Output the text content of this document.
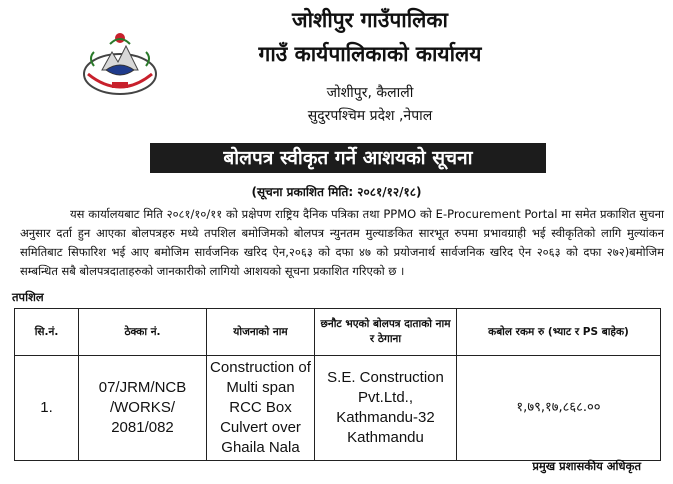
जोशीपुर गाउँपालिका
गाउँ कार्यपालिकाको कार्यालय
जोशीपुर, कैलाली
सुदुरपश्चिम प्रदेश ,नेपाल
बोलपत्र स्वीकृत गर्ने आशयको सूचना
(सूचना प्रकाशित मिति: २०८१/१२/१८)

यस कार्यालयबाट मिति २०८१/१०/११ को प्रक्षेपण राष्ट्रिय दैनिक पत्रिका तथा PPMO को E-Procurement Portal मा समेत प्रकाशित सुचना अनुसार दर्ता हुन आएका बोलपत्रहरु मध्ये तपशिल बमोजिमको बोलपत्र न्युनतम मुल्याङकित सारभूत रुपमा प्रभावग्राही भई स्वीकृतिको लागि मुल्यांकन समितिबाट सिफारिश भई आए बमोजिम सार्वजनिक खरिद ऐन,२०६३ को दफा ४७ को प्रयोजनार्थ सार्वजनिक खरिद ऐन २०६३ को दफा २७२)बमोजिम सम्बन्धित सबै बोलपत्रदाताहरुको जानकारीको लागियो आशयको सूचना प्रकाशित गरिएको छ ।

तपशिल
सि.नं.	ठेक्का नं.	योजनाको नाम	छनौट भएको बोलपत्र दाताको नाम र ठेगाना	कबोल रकम रु (भ्याट र PS बाहेक)
1.	07/JRM/NCB /WORKS/ 2081/082	Construction of Multi span RCC Box Culvert over Ghaila Nala	S.E. Construction Pvt.Ltd., Kathmandu-32 Kathmandu	१,७९,१७,८६८.००
प्रमुख प्रशासकीय अधिकृत
